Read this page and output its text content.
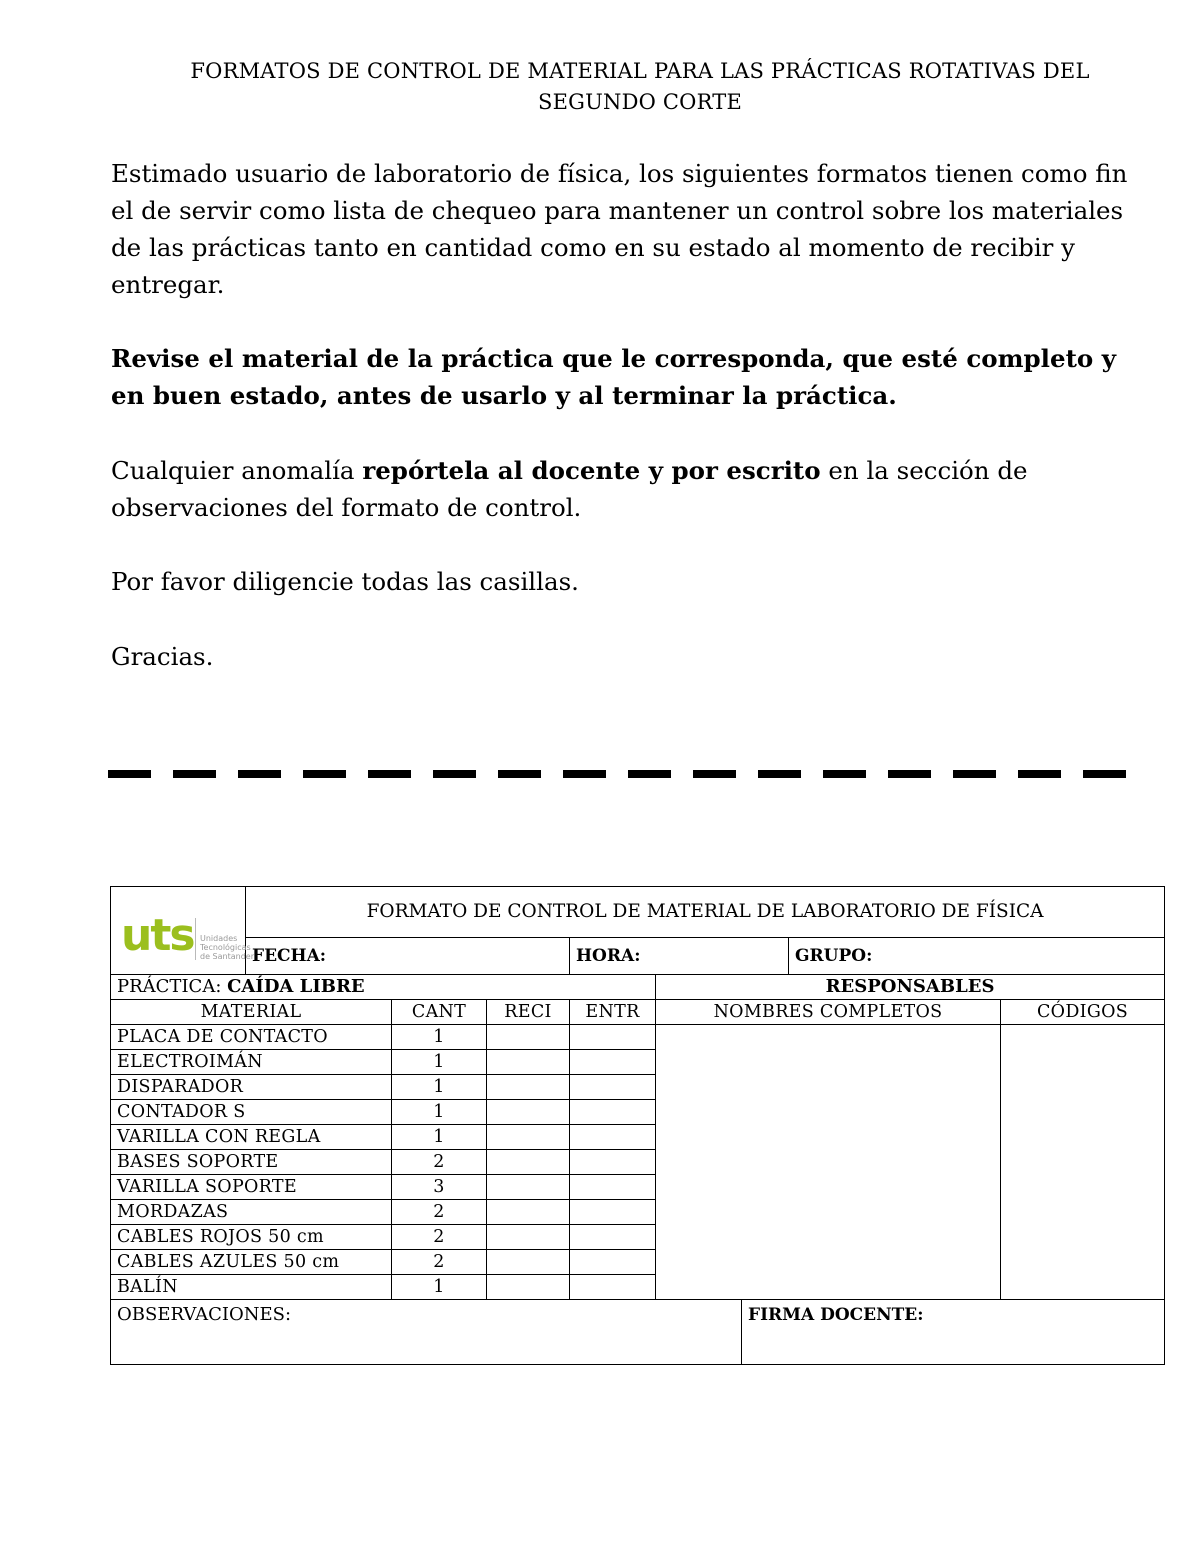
FORMATOS DE CONTROL DE MATERIAL PARA LAS PRÁCTICAS ROTATIVAS DEL
SEGUNDO CORTE

Estimado usuario de laboratorio de física, los siguientes formatos tienen como fin el de servir como lista de chequeo para mantener un control sobre los materiales de las prácticas tanto en cantidad como en su estado al momento de recibir y entregar.

Revise el material de la práctica que le corresponda, que esté completo y en buen estado, antes de usarlo y al terminar la práctica.

Cualquier anomalía repórtela al docente y por escrito en la sección de observaciones del formato de control.

Por favor diligencie todas las casillas.

Gracias.

uts Unidades
Tecnológicas
de Santander	FORMATO DE CONTROL DE MATERIAL DE LABORATORIO DE FÍSICA								
	FECHA:			HORA:			GRUPO:	
PRÁCTICA: CAÍDA LIBRE					RESPONSABLES				
MATERIAL		CANT	RECI	ENTR	NOMBRES COMPLETOS			CÓDIGOS	
PLACA DE CONTACTO		1							
ELECTROIMÁN		1							
DISPARADOR		1							
CONTADOR S		1							
VARILLA CON REGLA		1							
BASES SOPORTE		2							
VARILLA SOPORTE		3							
MORDAZAS		2							
CABLES ROJOS 50 cm		2							
CABLES AZULES 50 cm		2							
BALÍN		1							
OBSERVACIONES:						FIRMA DOCENTE:			
